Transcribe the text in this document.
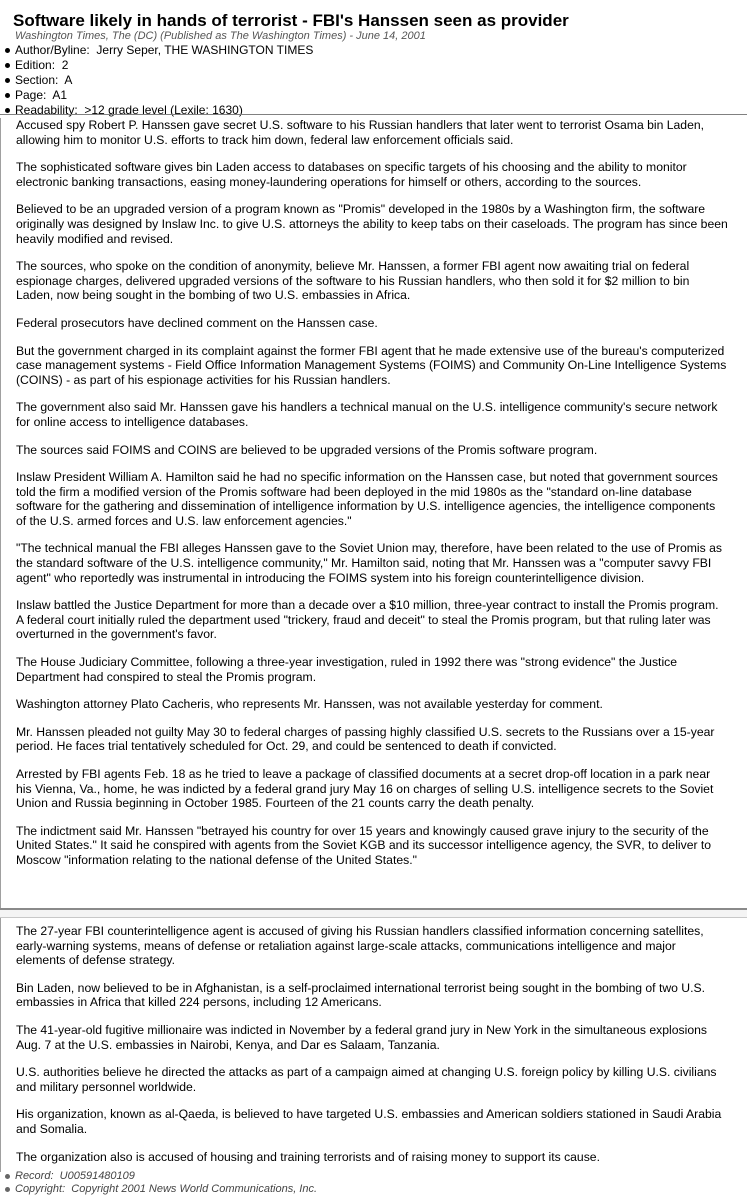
Software likely in hands of terrorist - FBI's Hanssen seen as provider
Washington Times, The (DC) (Published as The Washington Times) - June 14, 2001
Author/Byline: Jerry Seper, THE WASHINGTON TIMES
Edition: 2
Section: A
Page: A1
Readability: >12 grade level (Lexile: 1630)

Accused spy Robert P. Hanssen gave secret U.S. software to his Russian handlers that later went to terrorist Osama bin Laden, allowing him to monitor U.S. efforts to track him down, federal law enforcement officials said.

The sophisticated software gives bin Laden access to databases on specific targets of his choosing and the ability to monitor electronic banking transactions, easing money-laundering operations for himself or others, according to the sources.

Believed to be an upgraded version of a program known as "Promis" developed in the 1980s by a Washington firm, the software originally was designed by Inslaw Inc. to give U.S. attorneys the ability to keep tabs on their caseloads. The program has since been heavily modified and revised.

The sources, who spoke on the condition of anonymity, believe Mr. Hanssen, a former FBI agent now awaiting trial on federal espionage charges, delivered upgraded versions of the software to his Russian handlers, who then sold it for $2 million to bin Laden, now being sought in the bombing of two U.S. embassies in Africa.

Federal prosecutors have declined comment on the Hanssen case.

But the government charged in its complaint against the former FBI agent that he made extensive use of the bureau's computerized case management systems - Field Office Information Management Systems (FOIMS) and Community On-Line Intelligence Systems (COINS) - as part of his espionage activities for his Russian handlers.

The government also said Mr. Hanssen gave his handlers a technical manual on the U.S. intelligence community's secure network for online access to intelligence databases.

The sources said FOIMS and COINS are believed to be upgraded versions of the Promis software program.

Inslaw President William A. Hamilton said he had no specific information on the Hanssen case, but noted that government sources told the firm a modified version of the Promis software had been deployed in the mid 1980s as the "standard on-line database software for the gathering and dissemination of intelligence information by U.S. intelligence agencies, the intelligence components of the U.S. armed forces and U.S. law enforcement agencies."

"The technical manual the FBI alleges Hanssen gave to the Soviet Union may, therefore, have been related to the use of Promis as the standard software of the U.S. intelligence community," Mr. Hamilton said, noting that Mr. Hanssen was a "computer savvy FBI agent" who reportedly was instrumental in introducing the FOIMS system into his foreign counterintelligence division.

Inslaw battled the Justice Department for more than a decade over a $10 million, three-year contract to install the Promis program. A federal court initially ruled the department used "trickery, fraud and deceit" to steal the Promis program, but that ruling later was overturned in the government's favor.

The House Judiciary Committee, following a three-year investigation, ruled in 1992 there was "strong evidence" the Justice Department had conspired to steal the Promis program.

Washington attorney Plato Cacheris, who represents Mr. Hanssen, was not available yesterday for comment.

Mr. Hanssen pleaded not guilty May 30 to federal charges of passing highly classified U.S. secrets to the Russians over a 15-year period. He faces trial tentatively scheduled for Oct. 29, and could be sentenced to death if convicted.

Arrested by FBI agents Feb. 18 as he tried to leave a package of classified documents at a secret drop-off location in a park near his Vienna, Va., home, he was indicted by a federal grand jury May 16 on charges of selling U.S. intelligence secrets to the Soviet Union and Russia beginning in October 1985. Fourteen of the 21 counts carry the death penalty.

The indictment said Mr. Hanssen "betrayed his country for over 15 years and knowingly caused grave injury to the security of the United States." It said he conspired with agents from the Soviet KGB and its successor intelligence agency, the SVR, to deliver to Moscow "information relating to the national defense of the United States."

The 27-year FBI counterintelligence agent is accused of giving his Russian handlers classified information concerning satellites, early-warning systems, means of defense or retaliation against large-scale attacks, communications intelligence and major elements of defense strategy.

Bin Laden, now believed to be in Afghanistan, is a self-proclaimed international terrorist being sought in the bombing of two U.S. embassies in Africa that killed 224 persons, including 12 Americans.

The 41-year-old fugitive millionaire was indicted in November by a federal grand jury in New York in the simultaneous explosions Aug. 7 at the U.S. embassies in Nairobi, Kenya, and Dar es Salaam, Tanzania.

U.S. authorities believe he directed the attacks as part of a campaign aimed at changing U.S. foreign policy by killing U.S. civilians and military personnel worldwide.

His organization, known as al-Qaeda, is believed to have targeted U.S. embassies and American soldiers stationed in Saudi Arabia and Somalia.

The organization also is accused of housing and training terrorists and of raising money to support its cause.

Record: U00591480109
Copyright: Copyright 2001 News World Communications, Inc.
